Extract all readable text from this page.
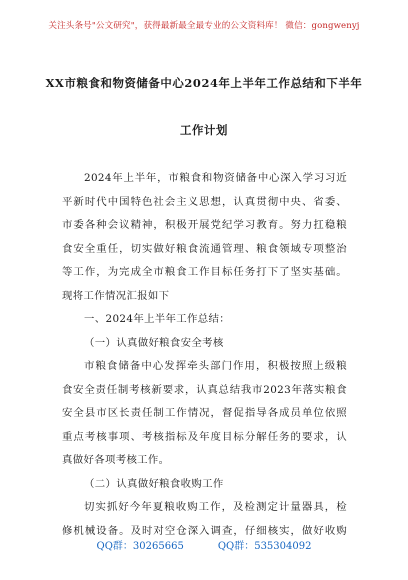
关注头条号"公文研究"，获得最新最全最专业的公文资料库！ 微信：gongwenyj
XX市粮食和物资储备中心2024年上半年工作总结和下半年
工作计划
2024年上半年，市粮食和物资储备中心深入学习习近
平新时代中国特色社会主义思想，认真贯彻中央、省委、
市委各种会议精神，积极开展党纪学习教育。努力扛稳粮
食安全重任，切实做好粮食流通管理、粮食领域专项整治
等工作，为完成全市粮食工作目标任务打下了坚实基础。
现将工作情况汇报如下
一、2024年上半年工作总结：
（一）认真做好粮食安全考核
市粮食储备中心发挥牵头部门作用，积极按照上级粮
食安全责任制考核新要求，认真总结我市2023年落实粮食
安全县市区长责任制工作情况，督促指导各成员单位依照
重点考核事项、考核指标及年度目标分解任务的要求，认
真做好各项考核工作。
（二）认真做好粮食收购工作
切实抓好今年夏粮收购工作，及检测定计量器具，检
修机械设备。及时对空仓深入调查，仔细核实，做好收购
QQ群：30265665	QQ群：535304092
